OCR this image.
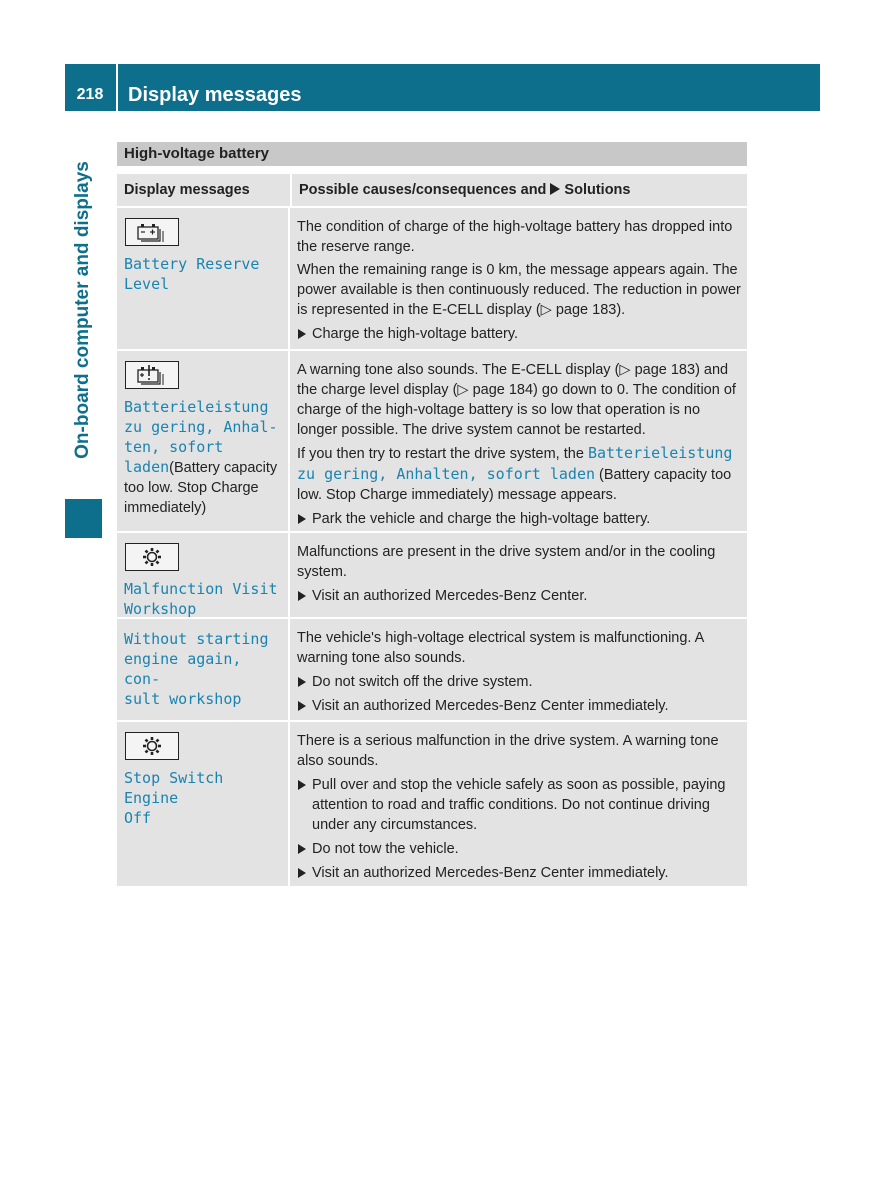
218	Display messages
On-board computer and displays
High-voltage battery
Display messages	Possible causes/consequences and Solutions
Battery Reserve
Level

The condition of charge of the high-voltage battery has dropped into the reserve range.

When the remaining range is 0 km, the message appears again. The power available is then continuously reduced. The reduction in power is represented in the E-CELL display (▷ page 183).

Charge the high-voltage battery.
Batterieleistung
zu gering, Anhal-
ten, sofort
laden(Battery capacity too low. Stop Charge immediately)

A warning tone also sounds. The E-CELL display (▷ page 183) and the charge level display (▷ page 184) go down to 0. The condition of charge of the high-voltage battery is so low that operation is no longer possible. The drive system cannot be restarted.

If you then try to restart the drive system, the Batterieleistung zu gering, Anhalten, sofort laden (Battery capacity too low. Stop Charge immediately) message appears.

Park the vehicle and charge the high-voltage battery.
Malfunction Visit
Workshop

Malfunctions are present in the drive system and/or in the cooling system.

Visit an authorized Mercedes-Benz Center.
Without starting
engine again, con-
sult workshop

The vehicle's high-voltage electrical system is malfunctioning. A warning tone also sounds.

Do not switch off the drive system.
Visit an authorized Mercedes-Benz Center immediately.
Stop Switch Engine
Off

There is a serious malfunction in the drive system. A warning tone also sounds.

Pull over and stop the vehicle safely as soon as possible, paying attention to road and traffic conditions. Do not continue driving under any circumstances.
Do not tow the vehicle.
Visit an authorized Mercedes-Benz Center immediately.
